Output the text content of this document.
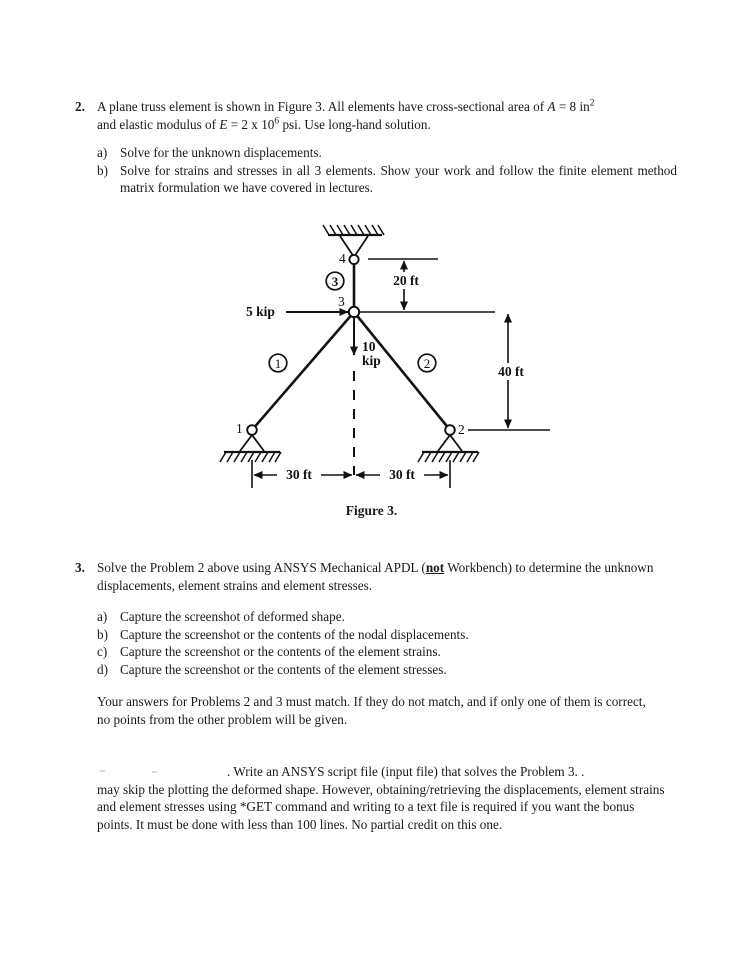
2. A plane truss element is shown in Figure 3. All elements have cross-sectional area of A = 8 $in^2$
and elastic modulus of E = 2 x $10^6$ psi. Use long-hand solution.
a) Solve for the unknown displacements.
b) Solve for strains and stresses in all 3 elements. Show your work and follow the finite element method matrix formulation we have covered in lectures.
4
3
3
1	2
5 kip
10
kip
1	2
20 ft
40 ft
30 ft	30 ft
Figure 3.
3. Solve the Problem 2 above using ANSYS Mechanical APDL (not Workbench) to determine the unknown displacements, element strains and element stresses.
a) Capture the screenshot of deformed shape.
b) Capture the screenshot or the contents of the nodal displacements.
c) Capture the screenshot or the contents of the element strains.
d) Capture the screenshot or the contents of the element stresses.
Your answers for Problems 2 and 3 must match. If they do not match, and if only one of them is correct, no points from the other problem will be given.
. Write an ANSYS script file (input file) that solves the Problem 3. .
may skip the plotting the deformed shape. However, obtaining/retrieving the displacements, element strains and element stresses using *GET command and writing to a text file is required if you want the bonus points. It must be done with less than 100 lines. No partial credit on this one.
